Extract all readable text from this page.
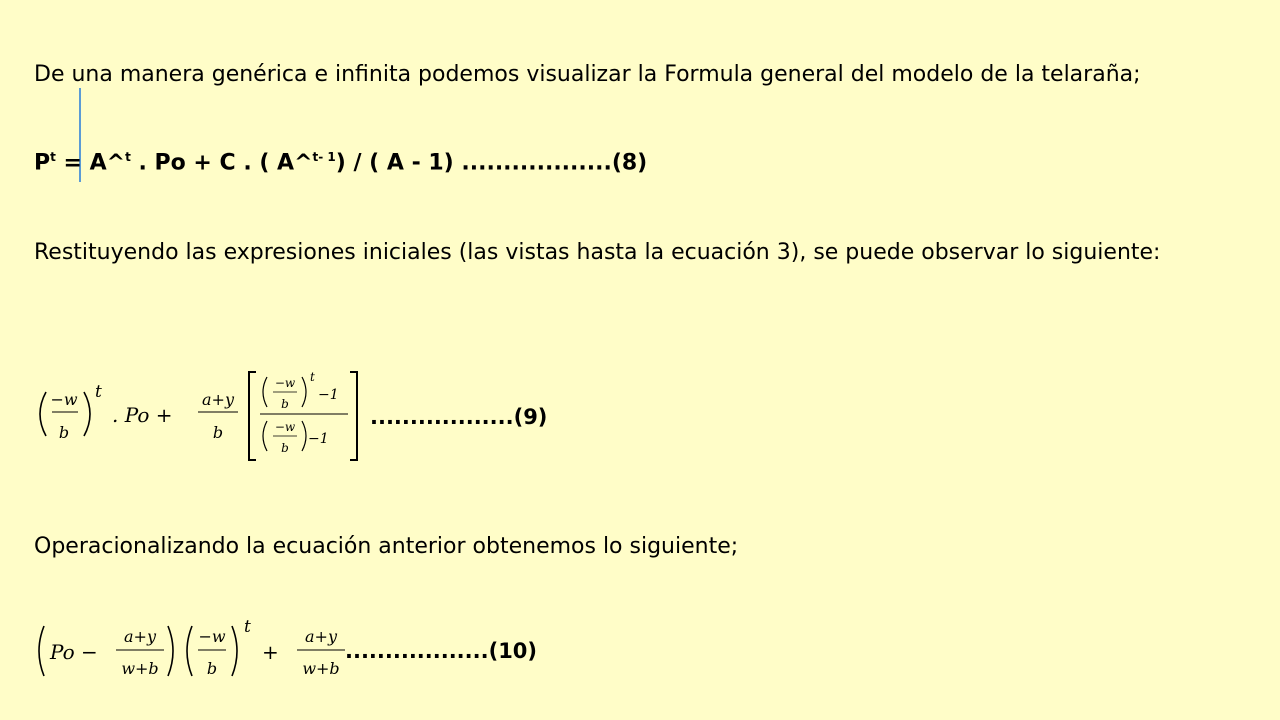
De una manera genérica e infinita podemos visualizar la Formula general del modelo de la telaraña;
$P^t$ = A^$^t$ . Po + C . ( A^$^{t- 1}$) / ( A - 1) ..................(8)
Restituyendo las expresiones iniciales (las vistas hasta la ecuación 3), se puede observar lo siguiente:
−w
b
t
. Po +
a+y
b
−w
b
t
−1
−w
b
−1
..................(9)
Operacionalizando la ecuación anterior obtenemos lo siguiente;
Po −
a+y
w+b
−w
b
t
+
a+y
w+b
..................(10)
